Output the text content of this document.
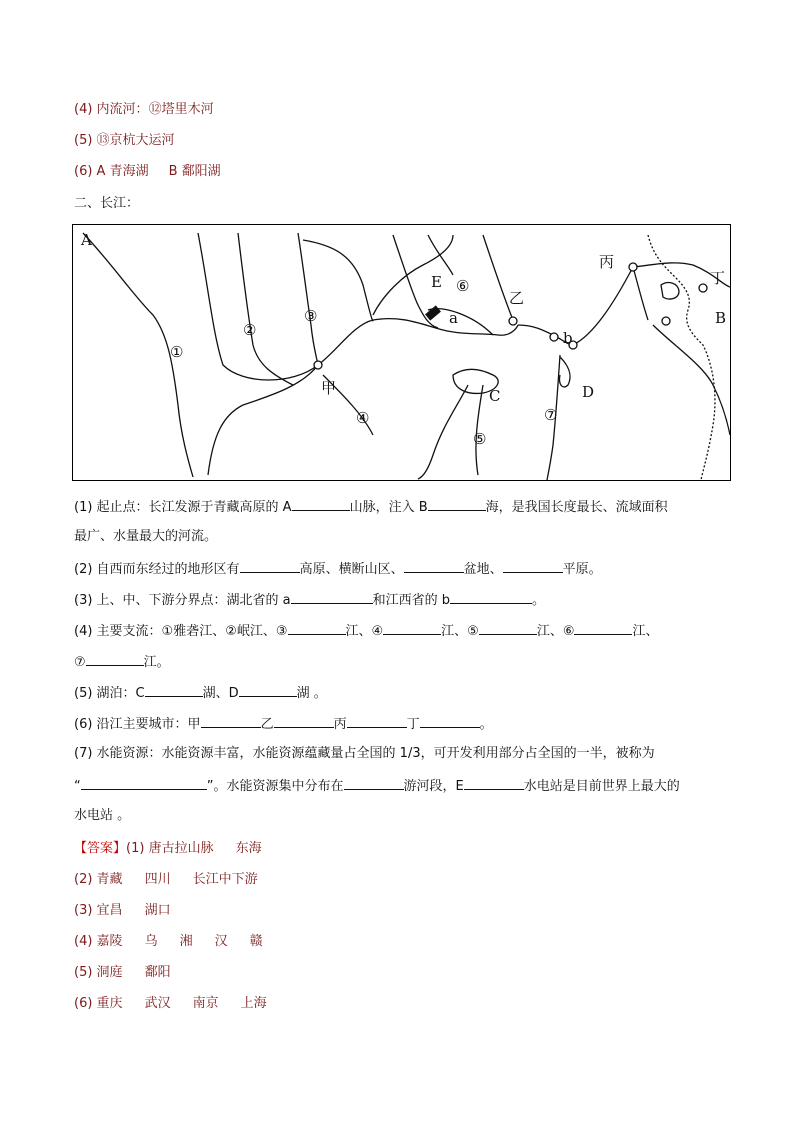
(4) 内流河：⑫塔里木河
(5) ⑬京杭大运河
(6) A 青海湖 B 鄱阳湖
二、长江：
A
①
②
③
甲
④
E ⑥
a
乙
C
⑤
b
D
⑦
丙
丁
B
(1) 起止点：长江发源于青藏高原的 A	山脉，注入 B	海，是我国长度最长、流域面积
最广、水量最大的河流。
(2) 自西而东经过的地形区有	高原、横断山区、	盆地、	平原。
(3) 上、中、下游分界点：湖北省的 a	和江西省的 b	。
(4) 主要支流：①雅砻江、②岷江、③	江、④	江、⑤	江、⑥	江、
⑦	江。
(5) 湖泊：C	湖、D	湖 。
(6) 沿江主要城市：甲	乙	丙	丁	。
(7) 水能资源：水能资源丰富，水能资源蕴藏量占全国的 1/3，可开发利用部分占全国的一半，被称为
“	”。水能资源集中分布在	游河段，E	水电站是目前世界上最大的
水电站 。
【答案】(1) 唐古拉山脉 东海
(2) 青藏 四川 长江中下游
(3) 宜昌 湖口
(4) 嘉陵 乌 湘 汉 赣
(5) 洞庭 鄱阳
(6) 重庆 武汉 南京 上海
